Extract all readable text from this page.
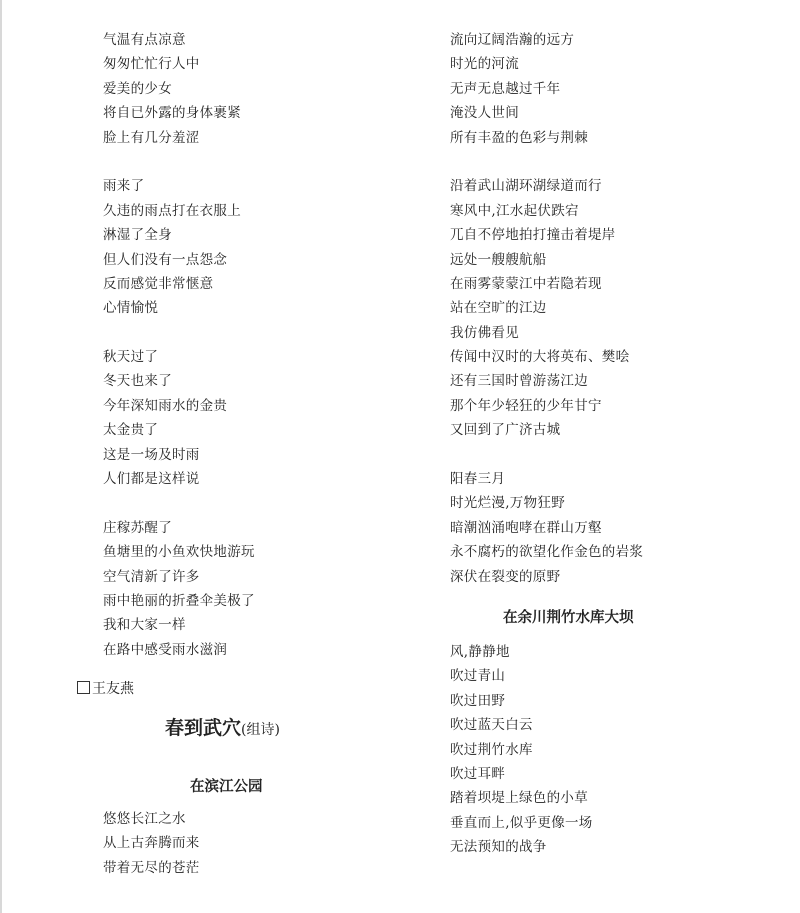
气温有点凉意
匆匆忙忙行人中
爱美的少女
将自已外露的身体裹紧
脸上有几分羞涩
雨来了
久违的雨点打在衣服上
淋湿了全身
但人们没有一点怨念
反而感觉非常惬意
心情愉悦
秋天过了
冬天也来了
今年深知雨水的金贵
太金贵了
这是一场及时雨
人们都是这样说
庄稼苏醒了
鱼塘里的小鱼欢快地游玩
空气清新了许多
雨中艳丽的折叠伞美极了
我和大家一样
在路中感受雨水滋润
王友燕
春到武穴(组诗)
在滨江公园
悠悠长江之水
从上古奔腾而来
带着无尽的苍茫
流向辽阔浩瀚的远方
时光的河流
无声无息越过千年
淹没人世间
所有丰盈的色彩与荆棘
沿着武山湖环湖绿道而行
寒风中,江水起伏跌宕
兀自不停地拍打撞击着堤岸
远处一艘艘航船
在雨雾蒙蒙江中若隐若现
站在空旷的江边
我仿佛看见
传闻中汉时的大将英布、樊哙
还有三国时曾游荡江边
那个年少轻狂的少年甘宁
又回到了广济古城
阳春三月
时光烂漫,万物狂野
暗潮汹涌咆哮在群山万壑
永不腐朽的欲望化作金色的岩浆
深伏在裂变的原野
在余川荆竹水库大坝
风,静静地
吹过青山
吹过田野
吹过蓝天白云
吹过荆竹水库
吹过耳畔
踏着坝堤上绿色的小草
垂直而上,似乎更像一场
无法预知的战争
